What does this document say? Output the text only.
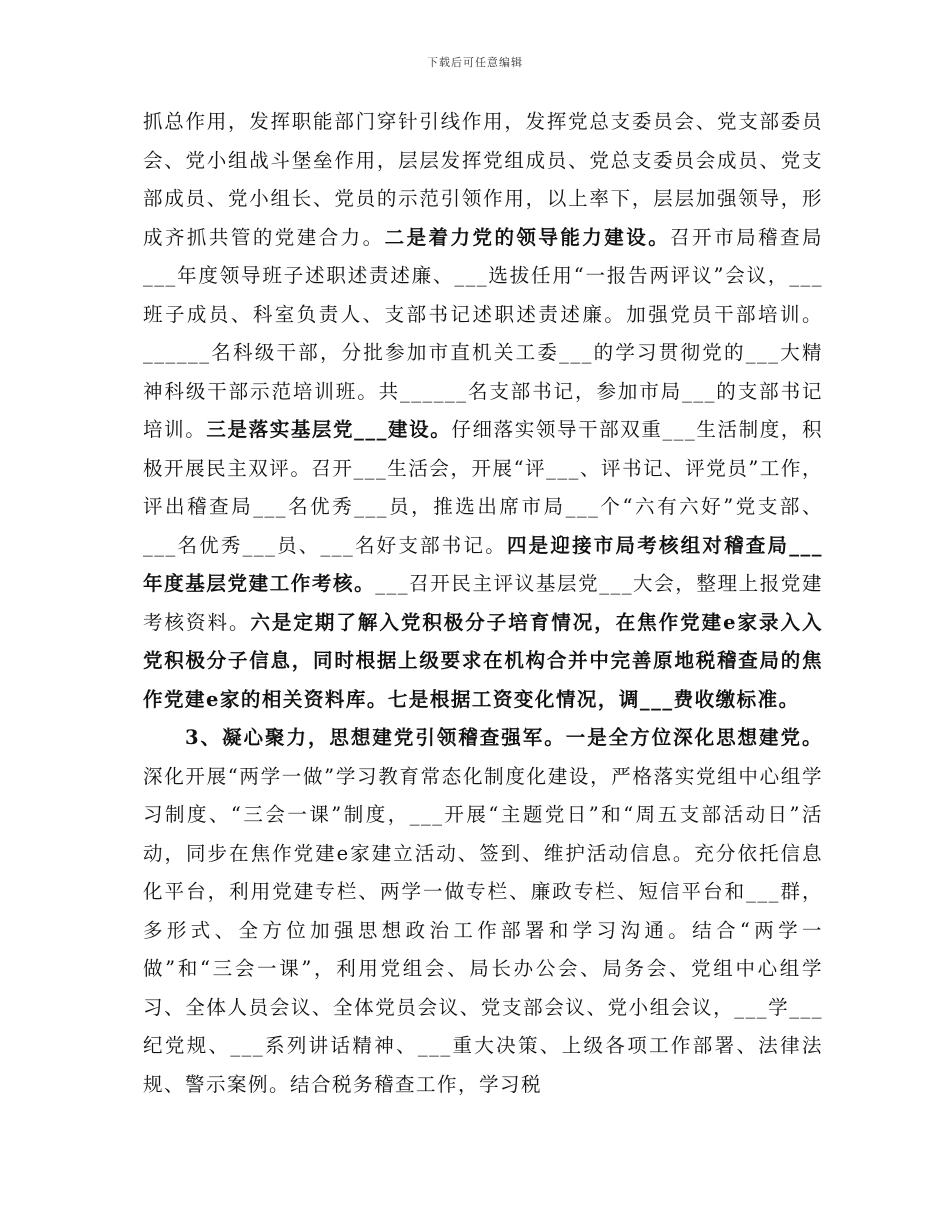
下载后可任意编辑

抓总作用，发挥职能部门穿针引线作用，发挥党总支委员会、党支部委员会、党小组战斗堡垒作用，层层发挥党组成员、党总支委员会成员、党支部成员、党小组长、党员的示范引领作用，以上率下，层层加强领导，形成齐抓共管的党建合力。二是着力党的领导能力建设。召开市局稽查局___年度领导班子述职述责述廉、___选拔任用“一报告两评议”会议，___班子成员、科室负责人、支部书记述职述责述廉。加强党员干部培训。______名科级干部，分批参加市直机关工委___的学习贯彻党的___大精神科级干部示范培训班。共______名支部书记，参加市局___的支部书记培训。三是落实基层党___建设。仔细落实领导干部双重___生活制度，积极开展民主双评。召开___生活会，开展“评___、评书记、评党员”工作，评出稽查局___名优秀___员，推选出席市局___个“六有六好”党支部、___名优秀___员、___名好支部书记。四是迎接市局考核组对稽查局___年度基层党建工作考核。___召开民主评议基层党___大会，整理上报党建考核资料。六是定期了解入党积极分子培育情况，在焦作党建e家录入入党积极分子信息，同时根据上级要求在机构合并中完善原地税稽查局的焦作党建e家的相关资料库。七是根据工资变化情况，调___费收缴标准。

3、凝心聚力，思想建党引领稽查强军。一是全方位深化思想建党。深化开展“两学一做”学习教育常态化制度化建设，严格落实党组中心组学习制度、“三会一课”制度，___开展“主题党日”和“周五支部活动日”活动，同步在焦作党建e家建立活动、签到、维护活动信息。充分依托信息化平台，利用党建专栏、两学一做专栏、廉政专栏、短信平台和___群，多形式、全方位加强思想政治工作部署和学习沟通。结合“两学一做”和“三会一课”，利用党组会、局长办公会、局务会、党组中心组学习、全体人员会议、全体党员会议、党支部会议、党小组会议，___学___纪党规、___系列讲话精神、___重大决策、上级各项工作部署、法律法规、警示案例。结合税务稽查工作，学习税
